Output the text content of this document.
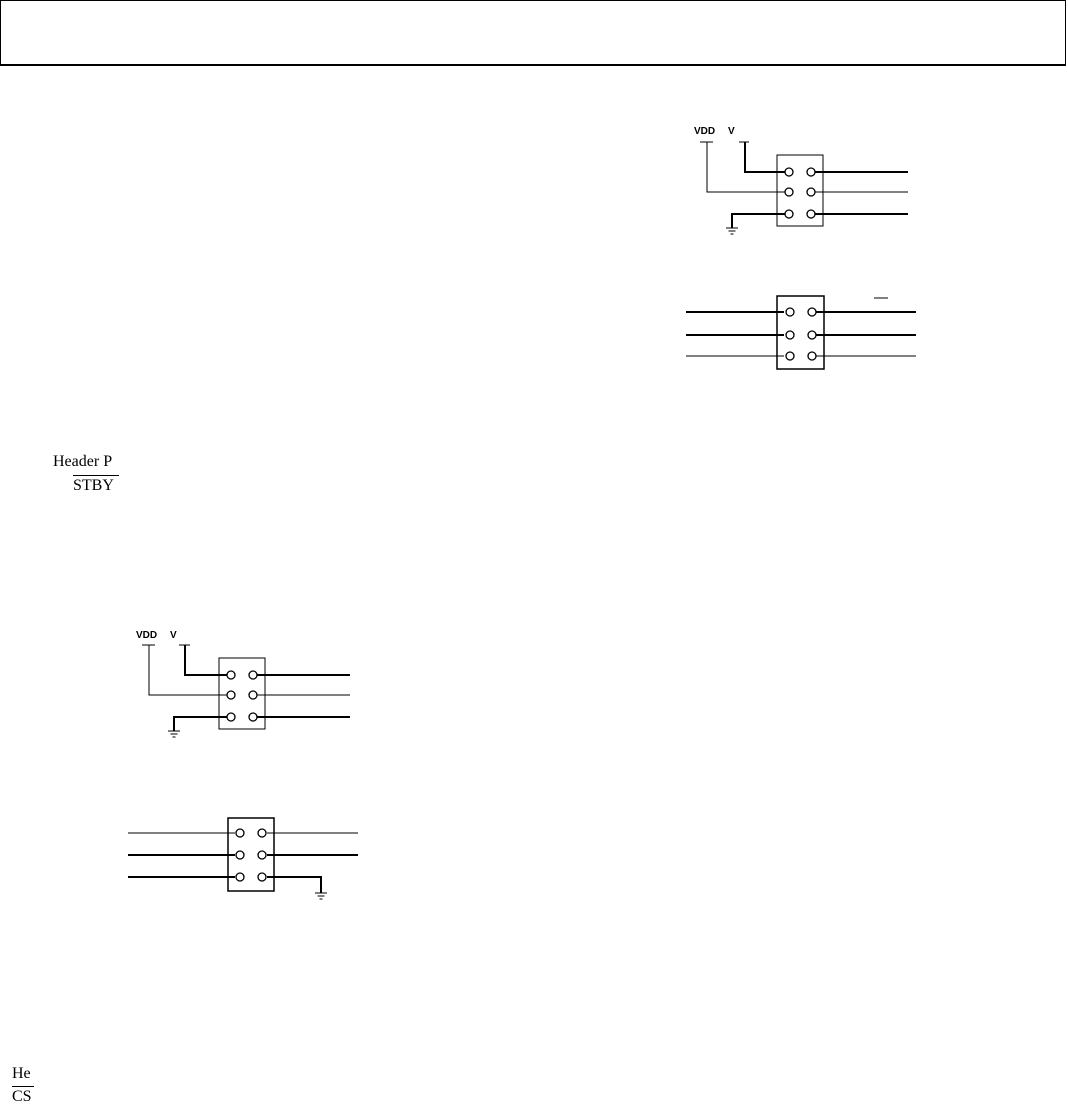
VDD V
Header P
STBY
VDD V
He
CS
